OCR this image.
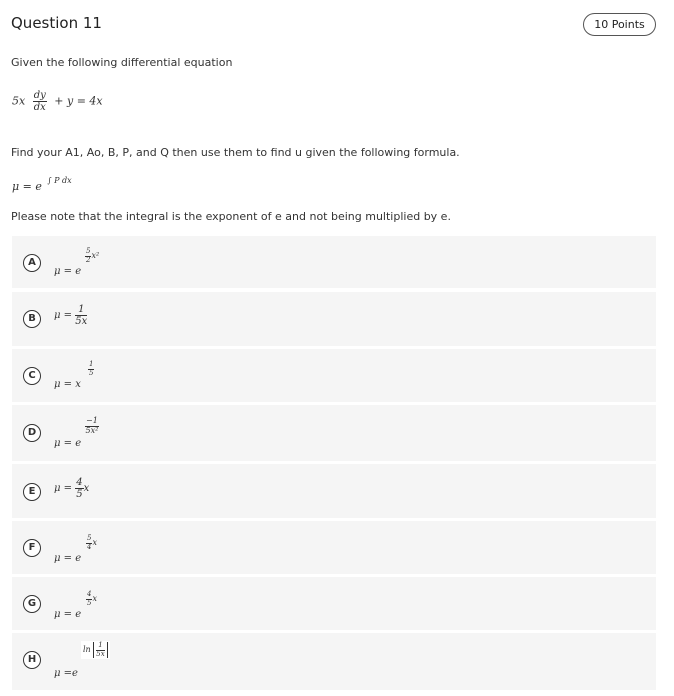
Question 11	10 Points
Given the following differential equation
$5x \frac{dy}{dx} + y = 4x$
Find your A1, Ao, B, P, and Q then use them to find u given the following formula.
μ = e $^{\int P dx}$
Please note that the integral is the exponent of e and not being multiplied by e.
A
μ = e
$\frac{5}{2} x^2$
B	$\mu = \frac{1}{5x}$
C
μ = x
$\frac{1}{5}$
D
μ = e
$\frac{-1}{\text{5x²}}$
E	$\mu = \frac{4}{5}$ x
F
μ = e
$\frac{5}{4}$ x
G
μ = e
$\frac{4}{5}$ x
H
μ =e
$\ln \frac{1}{5x}$
